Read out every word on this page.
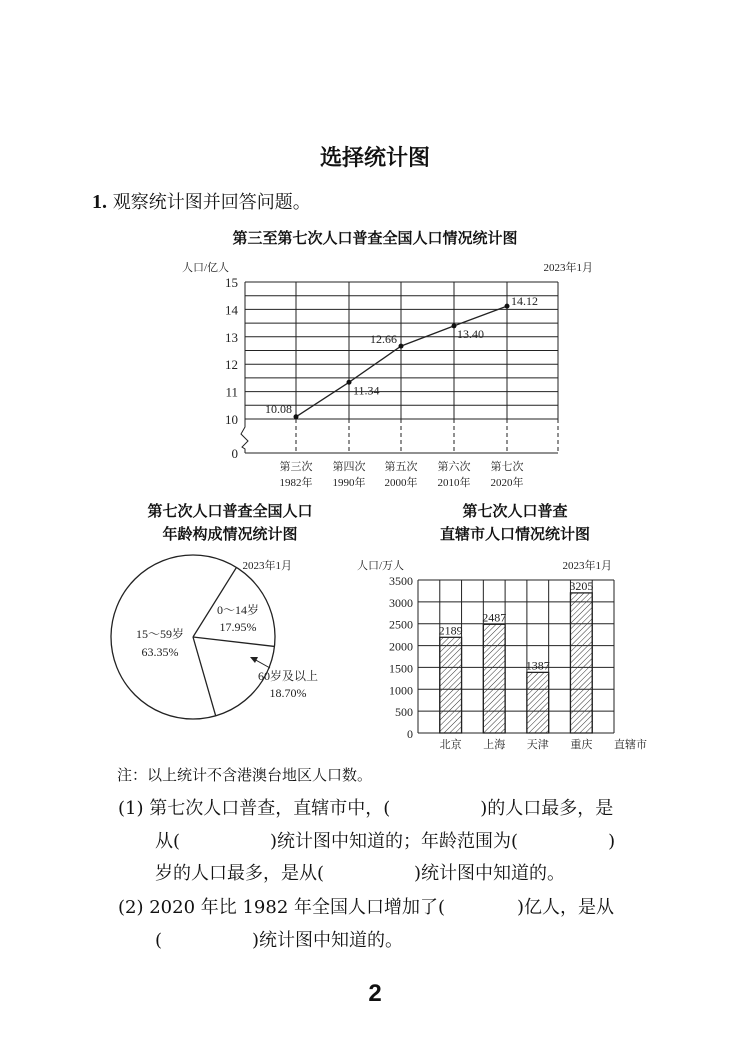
选择统计图
1. 观察统计图并回答问题。
第三至第七次人口普查全国人口情况统计图
第七次人口普查全国人口
年龄构成情况统计图
第七次人口普查
直辖市人口情况统计图
15
14
13
12
11
10
0
人口/亿人	2023年1月
10.08
第三次
1982年
11.34
第四次
1990年
12.66
第五次
2000年
13.40
第六次
2010年
14.12
第七次
2020年
0～14岁
17.95%
15～59岁
63.35%
60岁及以上
18.70%
2023年1月
3500
3000
2500
2000
1500
1000
500
0
人口/万人	2023年1月
2189
北京
2487
上海
1387
天津
3205
重庆 直辖市
注：以上统计不含港澳台地区人口数。
(1) 第七次人口普查，直辖市中，(　　　　　)的人口最多，是
从(　　　　　)统计图中知道的；年龄范围为(　　　　　)
岁的人口最多，是从(　　　　　)统计图中知道的。
(2) 2020 年比 1982 年全国人口增加了(　　　　)亿人，是从
(　　　　　)统计图中知道的。
2
